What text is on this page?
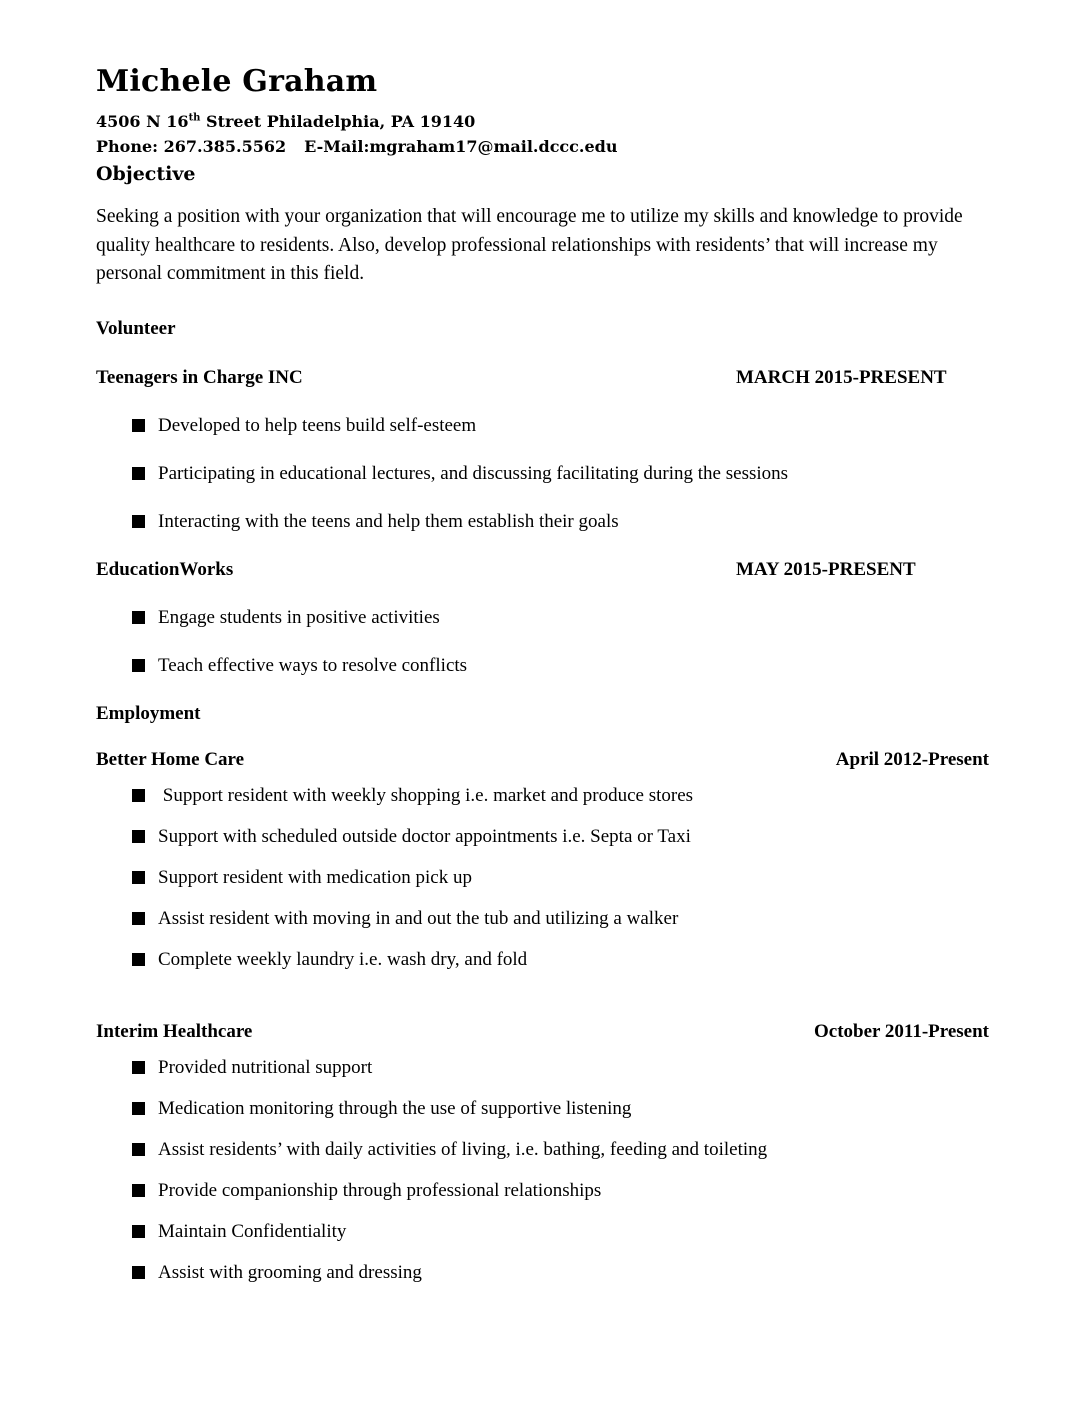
Michele Graham
4506 N 16th Street Philadelphia, PA 19140
Phone: 267.385.5562 E-Mail:mgraham17@mail.dccc.edu
Objective

Seeking a position with your organization that will encourage me to utilize my skills and knowledge to provide quality healthcare to residents. Also, develop professional relationships with residents’ that will increase my personal commitment in this field.

Volunteer
Teenagers in Charge INC	MARCH 2015-PRESENT
Developed to help teens build self-esteem
Participating in educational lectures, and discussing facilitating during the sessions
Interacting with the teens and help them establish their goals
EducationWorks	MAY 2015-PRESENT
Engage students in positive activities
Teach effective ways to resolve conflicts
Employment
Better Home Care	April 2012-Present
Support resident with weekly shopping i.e. market and produce stores
Support with scheduled outside doctor appointments i.e. Septa or Taxi
Support resident with medication pick up
Assist resident with moving in and out the tub and utilizing a walker
Complete weekly laundry i.e. wash dry, and fold
Interim Healthcare	October 2011-Present
Provided nutritional support
Medication monitoring through the use of supportive listening
Assist residents’ with daily activities of living, i.e. bathing, feeding and toileting
Provide companionship through professional relationships
Maintain Confidentiality
Assist with grooming and dressing
